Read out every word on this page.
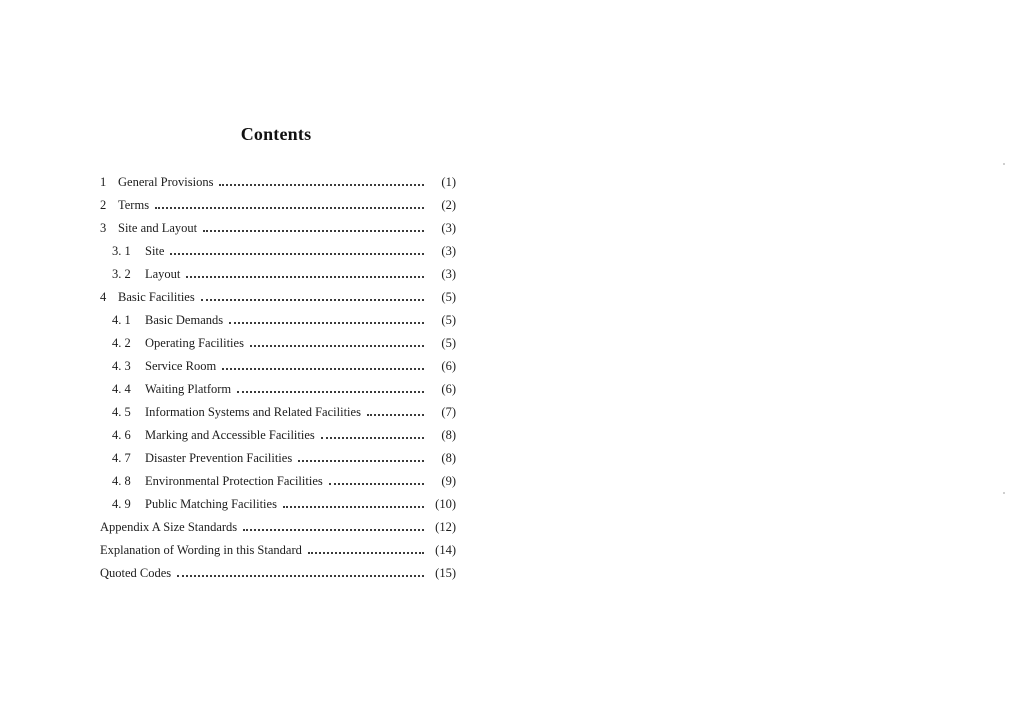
Contents
1 General Provisions	(1)
2 Terms	(2)
3 Site and Layout	(3)
3. 1	Site	(3)
3. 2	Layout	(3)
4 Basic Facilities	(5)
4. 1	Basic Demands	(5)
4. 2	Operating Facilities	(5)
4. 3	Service Room	(6)
4. 4	Waiting Platform	(6)
4. 5	Information Systems and Related Facilities	(7)
4. 6	Marking and Accessible Facilities	(8)
4. 7	Disaster Prevention Facilities	(8)
4. 8	Environmental Protection Facilities	(9)
4. 9	Public Matching Facilities	(10)
Appendix A Size Standards	(12)
Explanation of Wording in this Standard	(14)
Quoted Codes	(15)
